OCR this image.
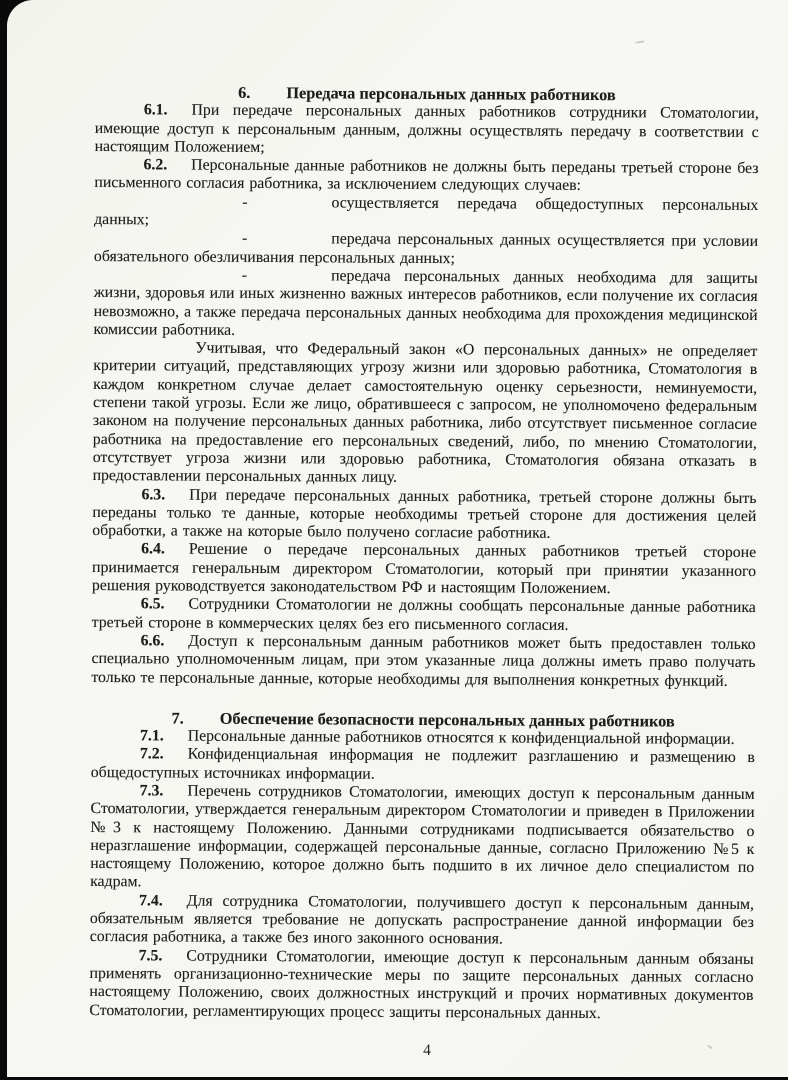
6. Передача персональных данных работников

6.1. При передаче персональных данных работников сотрудники Стоматологии, имеющие доступ к персональным данным, должны осуществлять передачу в соответствии с настоящим Положением;

6.2. Персональные данные работников не должны быть переданы третьей стороне без письменного согласия работника, за исключением следующих случаев:

-	осуществляется передача общедоступных персональных данных;

-	передача персональных данных осуществляется при условии обязательного обезличивания персональных данных;

-	передача персональных данных необходима для защиты жизни, здоровья или иных жизненно важных интересов работников, если получение их согласия невозможно, а также передача персональных данных необходима для прохождения медицинской комиссии работника.

Учитывая, что Федеральный закон «О персональных данных» не определяет критерии ситуаций, представляющих угрозу жизни или здоровью работника, Стоматология в каждом конкретном случае делает самостоятельную оценку серьезности, неминуемости, степени такой угрозы. Если же лицо, обратившееся с запросом, не уполномочено федеральным законом на получение персональных данных работника, либо отсутствует письменное согласие работника на предоставление его персональных сведений, либо, по мнению Стоматологии, отсутствует угроза жизни или здоровью работника, Стоматология обязана отказать в предоставлении персональных данных лицу.

6.3. При передаче персональных данных работника, третьей стороне должны быть переданы только те данные, которые необходимы третьей стороне для достижения целей обработки, а также на которые было получено согласие работника.

6.4. Решение о передаче персональных данных работников третьей стороне принимается генеральным директором Стоматологии, который при принятии указанного решения руководствуется законодательством РФ и настоящим Положением.

6.5. Сотрудники Стоматологии не должны сообщать персональные данные работника третьей стороне в коммерческих целях без его письменного согласия.

6.6. Доступ к персональным данным работников может быть предоставлен только специально уполномоченным лицам, при этом указанные лица должны иметь право получать только те персональные данные, которые необходимы для выполнения конкретных функций.

7. Обеспечение безопасности персональных данных работников

7.1. Персональные данные работников относятся к конфиденциальной информации.

7.2. Конфиденциальная информация не подлежит разглашению и размещению в общедоступных источниках информации.

7.3. Перечень сотрудников Стоматологии, имеющих доступ к персональным данным Стоматологии, утверждается генеральным директором Стоматологии и приведен в Приложении №3 к настоящему Положению. Данными сотрудниками подписывается обязательство о неразглашение информации, содержащей персональные данные, согласно Приложению №5 к настоящему Положению, которое должно быть подшито в их личное дело специалистом по кадрам.

7.4. Для сотрудника Стоматологии, получившего доступ к персональным данным, обязательным является требование не допускать распространение данной информации без согласия работника, а также без иного законного основания.

7.5. Сотрудники Стоматологии, имеющие доступ к персональным данным обязаны применять организационно-технические меры по защите персональных данных согласно настоящему Положению, своих должностных инструкций и прочих нормативных документов Стоматологии, регламентирующих процесс защиты персональных данных.

4
